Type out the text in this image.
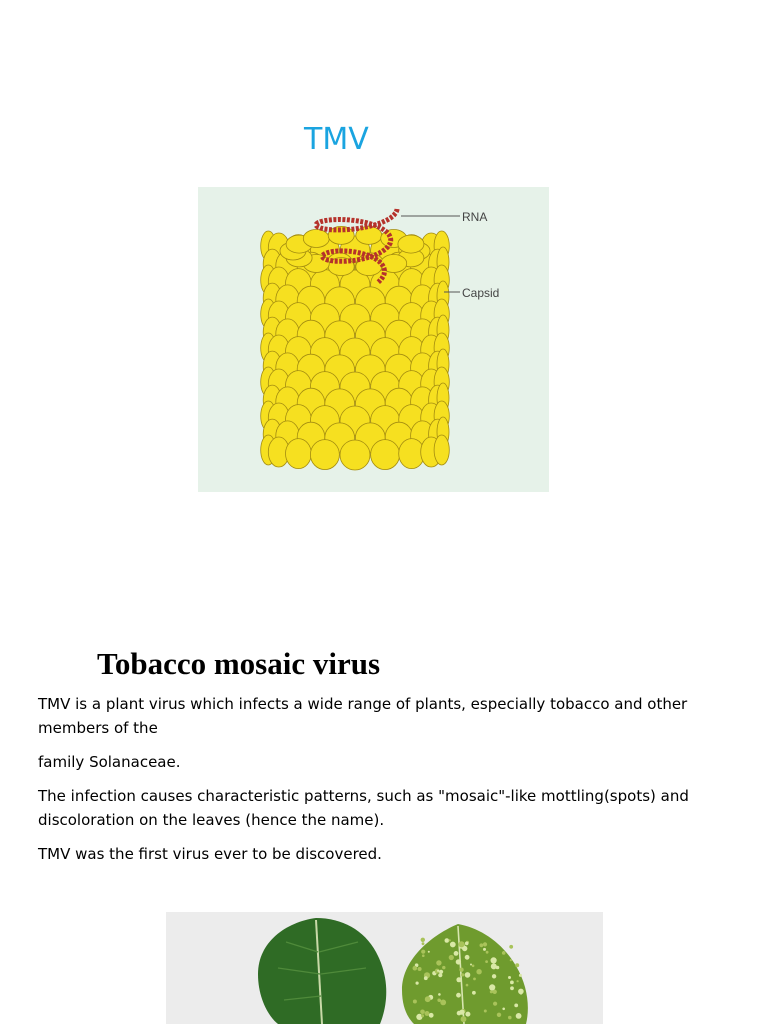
TMV
RNA
Capsid
Tobacco mosaic virus
TMV is a plant virus which infects a wide range of plants, especially tobacco and other members of the
family Solanaceae.
The infection causes characteristic patterns, such as "mosaic"-like mottling(spots) and discoloration on the leaves (hence the name).
TMV was the first virus ever to be discovered.
